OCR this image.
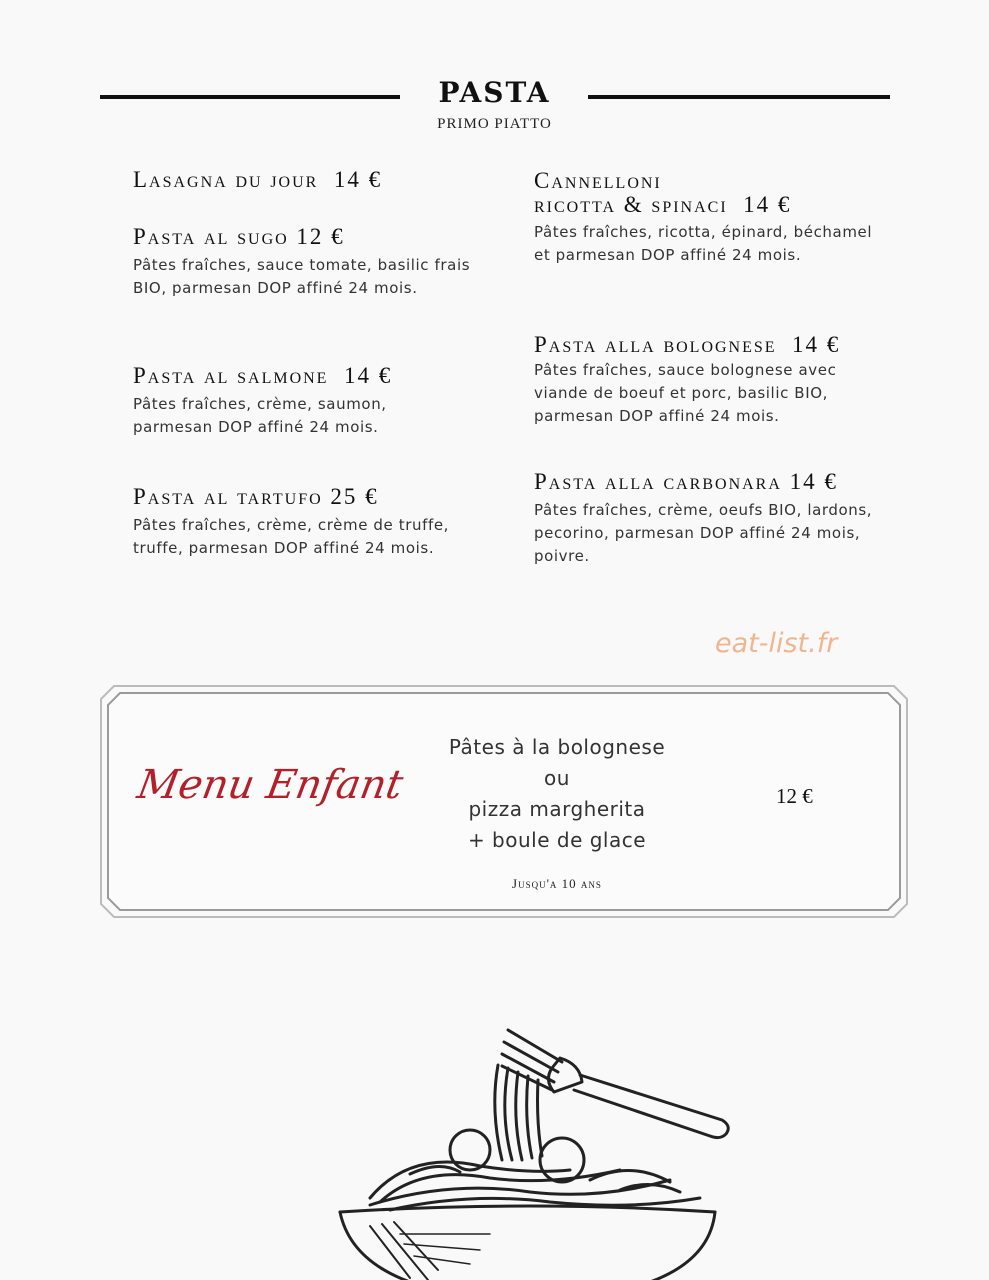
PASTA
PRIMO PIATTO
Lasagna du jour  14 €
Pasta al sugo 12 €
Pâtes fraîches, sauce tomate, basilic frais BIO, parmesan DOP affiné 24 mois.
Pasta al salmone  14 €
Pâtes fraîches, crème, saumon, parmesan DOP affiné 24 mois.
Pasta al tartufo 25 €
Pâtes fraîches, crème, crème de truffe, truffe, parmesan DOP affiné 24 mois.
Cannelloni
ricotta & spinaci  14 €
Pâtes fraîches, ricotta, épinard, béchamel et parmesan DOP affiné 24 mois.
Pasta alla bolognese  14 €
Pâtes fraîches, sauce bolognese avec viande de boeuf et porc, basilic BIO, parmesan DOP affiné 24 mois.
Pasta alla carbonara 14 €
Pâtes fraîches, crème, oeufs BIO, lardons, pecorino, parmesan DOP affiné 24 mois, poivre.
eat-list.fr
Menu Enfant
Pâtes à la bolognese
ou
pizza margherita
+ boule de glace
12 €
Jusqu'a 10 ans
